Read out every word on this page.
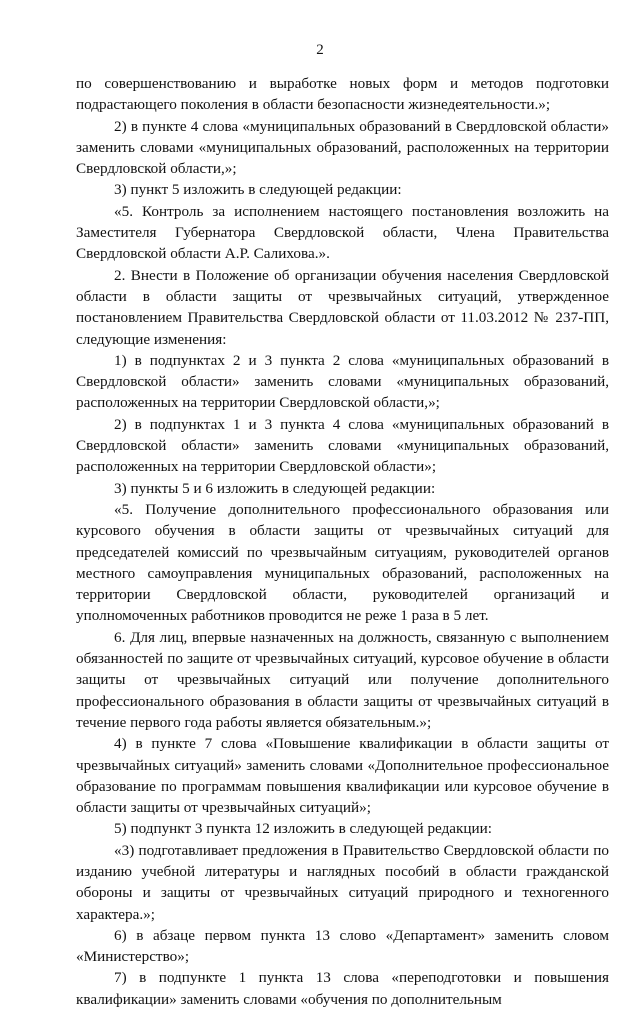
2

по совершенствованию и выработке новых форм и методов подготовки подрастающего поколения в области безопасности жизнедеятельности.»;

2) в пункте 4 слова «муниципальных образований в Свердловской области» заменить словами «муниципальных образований, расположенных на территории Свердловской области,»;

3) пункт 5 изложить в следующей редакции:

«5. Контроль за исполнением настоящего постановления возложить на Заместителя Губернатора Свердловской области, Члена Правительства Свердловской области А.Р. Салихова.».

2. Внести в Положение об организации обучения населения Свердловской области в области защиты от чрезвычайных ситуаций, утвержденное постановлением Правительства Свердловской области от 11.03.2012 № 237-ПП, следующие изменения:

1) в подпунктах 2 и 3 пункта 2 слова «муниципальных образований в Свердловской области» заменить словами «муниципальных образований, расположенных на территории Свердловской области,»;

2) в подпунктах 1 и 3 пункта 4 слова «муниципальных образований в Свердловской области» заменить словами «муниципальных образований, расположенных на территории Свердловской области»;

3) пункты 5 и 6 изложить в следующей редакции:

«5. Получение дополнительного профессионального образования или курсового обучения в области защиты от чрезвычайных ситуаций для председателей комиссий по чрезвычайным ситуациям, руководителей органов местного самоуправления муниципальных образований, расположенных на территории Свердловской области, руководителей организаций и уполномоченных работников проводится не реже 1 раза в 5 лет.

6. Для лиц, впервые назначенных на должность, связанную с выполнением обязанностей по защите от чрезвычайных ситуаций, курсовое обучение в области защиты от чрезвычайных ситуаций или получение дополнительного профессионального образования в области защиты от чрезвычайных ситуаций в течение первого года работы является обязательным.»;

4) в пункте 7 слова «Повышение квалификации в области защиты от чрезвычайных ситуаций» заменить словами «Дополнительное профессиональное образование по программам повышения квалификации или курсовое обучение в области защиты от чрезвычайных ситуаций»;

5) подпункт 3 пункта 12 изложить в следующей редакции:

«3) подготавливает предложения в Правительство Свердловской области по изданию учебной литературы и наглядных пособий в области гражданской обороны и защиты от чрезвычайных ситуаций природного и техногенного характера.»;

6) в абзаце первом пункта 13 слово «Департамент» заменить словом «Министерство»;

7) в подпункте 1 пункта 13 слова «переподготовки и повышения квалификации» заменить словами «обучения по дополнительным
